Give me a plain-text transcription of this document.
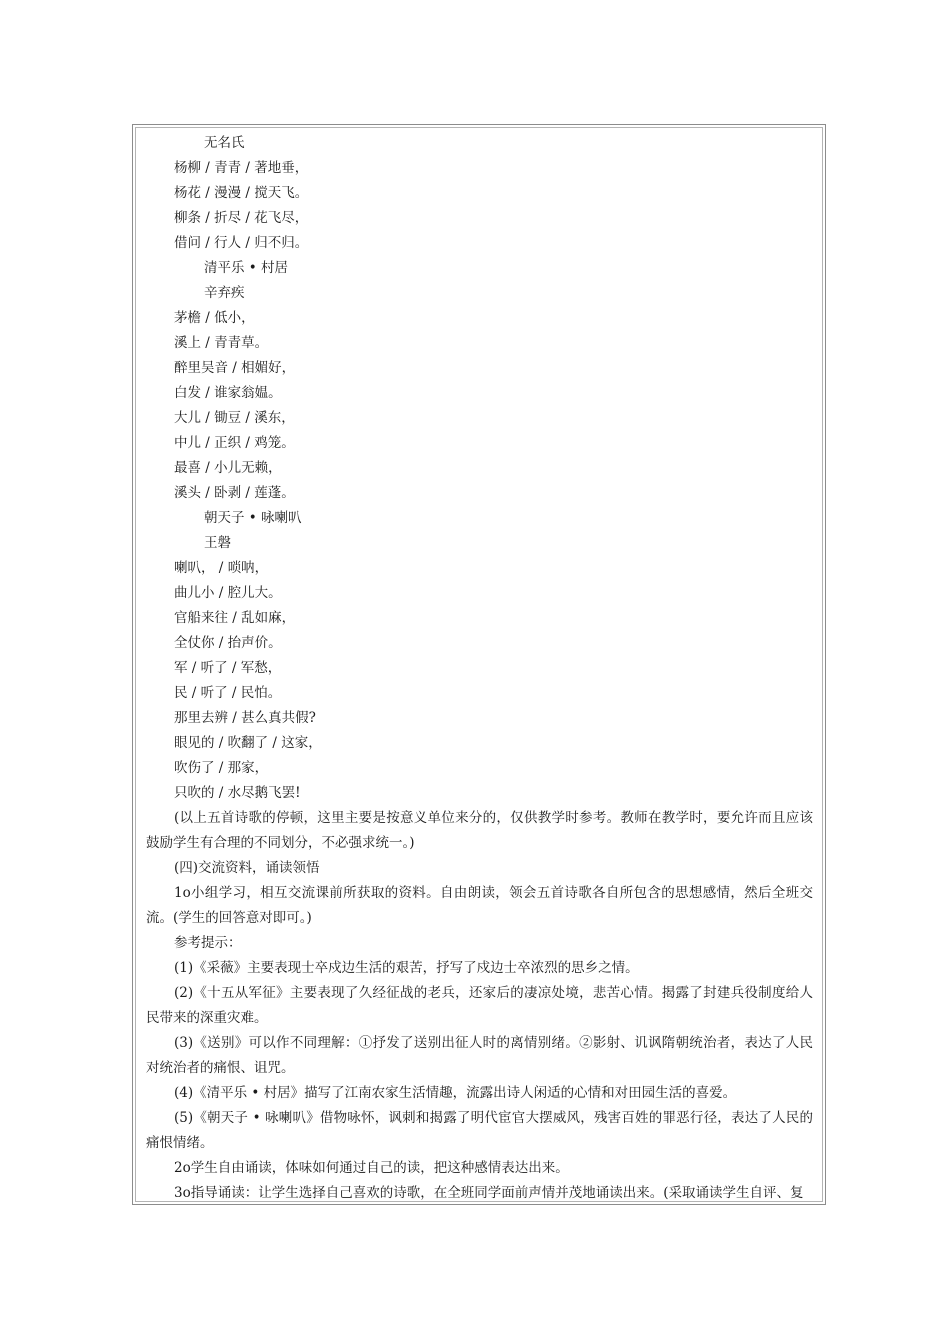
无名氏
杨柳 / 青青 / 著地垂，
杨花 / 漫漫 / 搅天飞。
柳条 / 折尽 / 花飞尽，
借问 / 行人 / 归不归。
清平乐 • 村居
辛弃疾
茅檐 / 低小，
溪上 / 青青草。
醉里吴音 / 相媚好，
白发 / 谁家翁媪。
大儿 / 锄豆 / 溪东，
中儿 / 正织 / 鸡笼。
最喜 / 小儿无赖，
溪头 / 卧剥 / 莲蓬。
朝天子 • 咏喇叭
王磐
喇叭， / 唢呐，
曲儿小 / 腔儿大。
官船来往 / 乱如麻，
全仗你 / 抬声价。
军 / 听了 / 军愁，
民 / 听了 / 民怕。
那里去辨 / 甚么真共假?
眼见的 / 吹翻了 / 这家，
吹伤了 / 那家，
只吹的 / 水尽鹅飞罢!

(以上五首诗歌的停顿，这里主要是按意义单位来分的，仅供教学时参考。教师在教学时，要允许而且应该鼓励学生有合理的不同划分，不必强求统一。)

(四)交流资料，诵读领悟

1o小组学习，相互交流课前所获取的资料。自由朗读，领会五首诗歌各自所包含的思想感情，然后全班交流。(学生的回答意对即可。)

参考提示：

(1)《采薇》主要表现士卒戍边生活的艰苦，抒写了戍边士卒浓烈的思乡之情。

(2)《十五从军征》主要表现了久经征战的老兵，还家后的凄凉处境，悲苦心情。揭露了封建兵役制度给人民带来的深重灾难。

(3)《送别》可以作不同理解：①抒发了送别出征人时的离情别绪。②影射、讥讽隋朝统治者，表达了人民对统治者的痛恨、诅咒。

(4)《清平乐 • 村居》描写了江南农家生活情趣，流露出诗人闲适的心情和对田园生活的喜爱。

(5)《朝天子 • 咏喇叭》借物咏怀，讽刺和揭露了明代宦官大摆威风，残害百姓的罪恶行径，表达了人民的痛恨情绪。

2o学生自由诵读，体味如何通过自己的读，把这种感情表达出来。

3o指导诵读：让学生选择自己喜欢的诗歌，在全班同学面前声情并茂地诵读出来。(采取诵读学生自评、复
